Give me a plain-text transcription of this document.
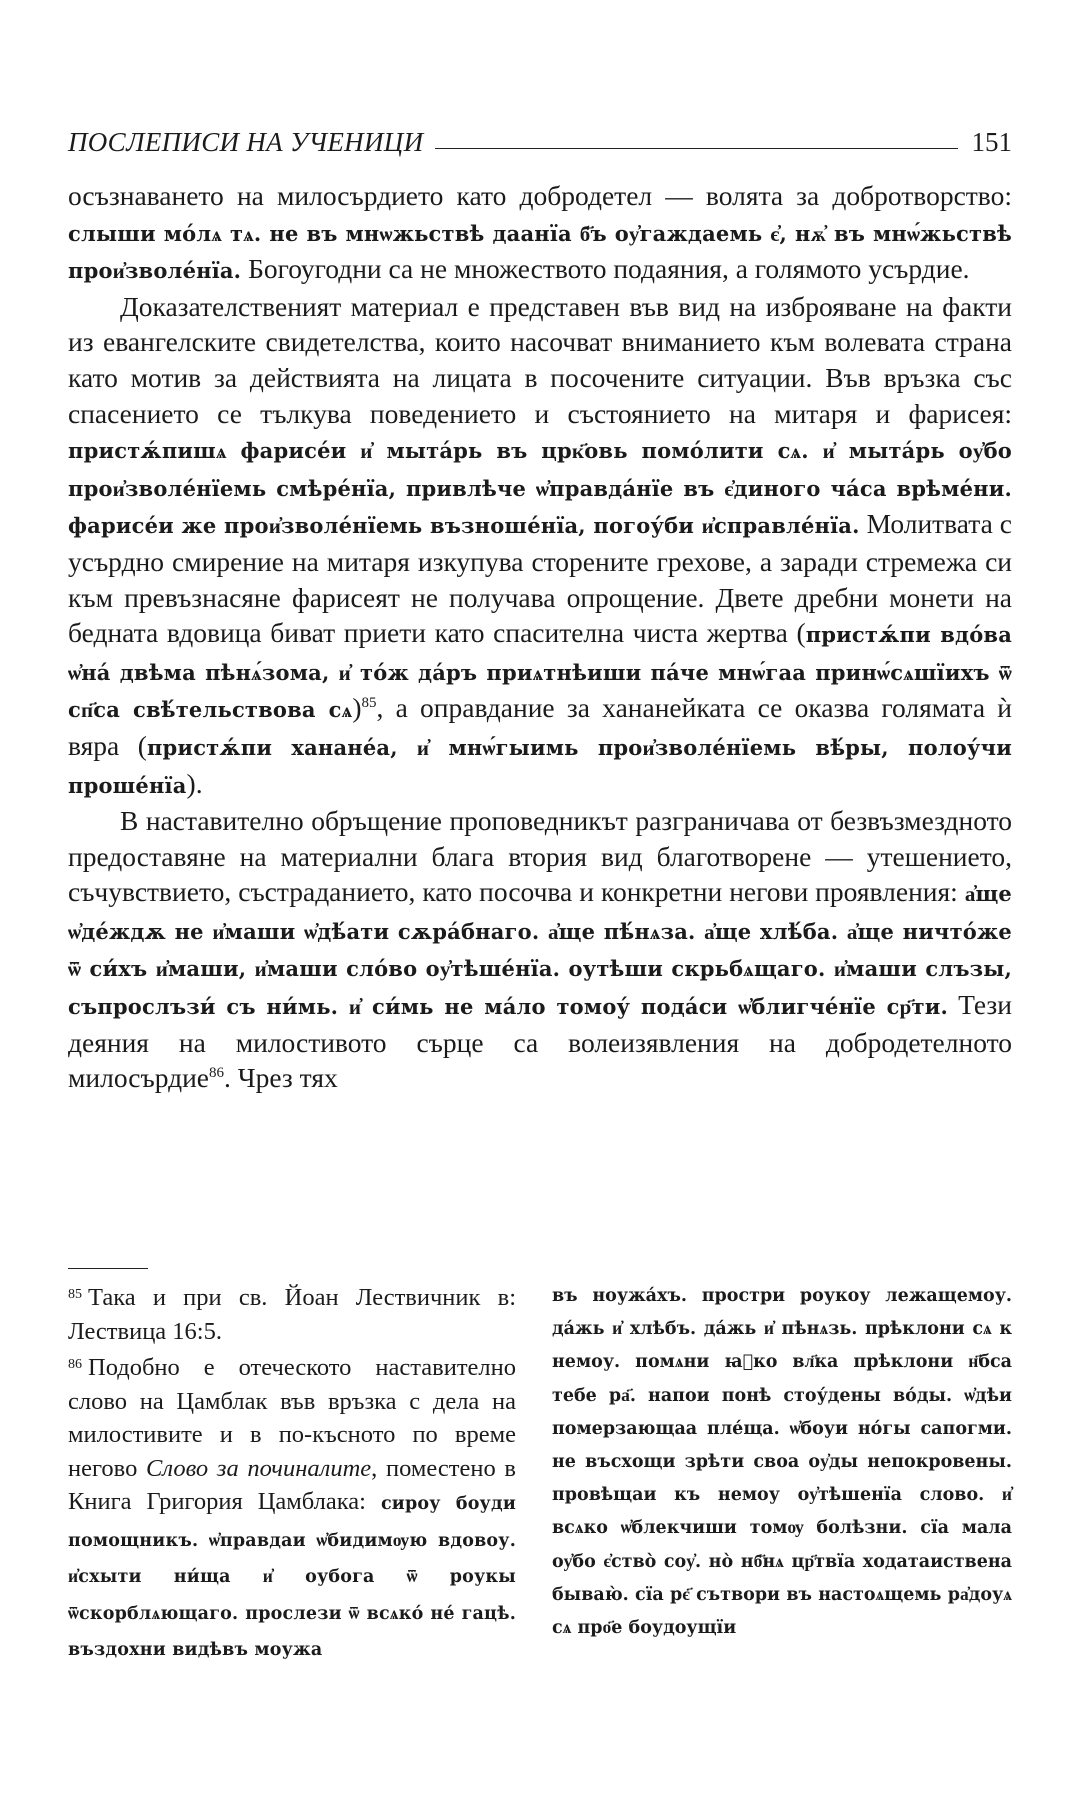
ПОСЛЕПИСИ НА УЧЕНИЦИ	151

осъзнаването на милосърдието като добродетел — волята за добротворство: слыши мо́лѧ тѧ. не въ мнѡжьствѣ даанїа б҃ъ оу҆гаждаемь є҆, нѫ҆ въ мнѡ́жьствѣ прои҆зволе́нїа. Богоугодни са не множеството подаяния, а голямото усърдие.

Доказателственият материал е представен във вид на изброяване на факти из евангелските свидетелства, които насочват вниманието към волевата страна като мотив за действията на лицата в посочените ситуации. Във връзка със спасението се тълкува поведението и състоянието на митаря и фарисея: пристѫ́пишѧ фарисе́и и҆ мыта́рь въ црк҃овь помо́лити сѧ. и҆ мыта́рь оу҆бо прои҆зволе́нїемь смѣре́нїа, привлѣче ѡ҆правда́нїе въ є҆диного ча́са врѣме́ни. фарисе́и же прои҆зволе́нїемь възноше́нїа, погоу́би и҆справле́нїа. Молитвата с усърдно смирение на митаря изкупува сторените грехове, а заради стремежа си към превъзнасяне фарисеят не получава опрощение. Двете дребни монети на бедната вдовица биват приети като спасителна чиста жертва (пристѫ́пи вдо́ва ѡ҆на́ двѣма пѣнѧ́зома, и҆ то́ж да́ръ приѧтнѣиши па́че мнѡ́гаа принѡ́сѧшїихъ ѿ сп҃са свѣ́тельствова сѧ)$^{85}$, а оправдание за хананейката се оказва голямата ѝ вяра (пристѫ́пи ханане́а, и҆ мнѡ́гыимь прои҆зволе́нїемь вѣ́ры, полоу́чи проше́нїа).

В наставително обръщение проповедникът разграничава от безвъзмездното предоставяне на материални блага втория вид благотворене — утешението, съчувствието, състраданието, като посочва и конкретни негови проявления: а҆ще ѡ҆де́ждѫ не и҆маши ѡ҆дѣ́ати сѫра́бнаго. а҆ще пѣ́нѧза. а҆ще хлѣ́ба. а҆ще ничто́же ѿ си́хъ и҆маши, и҆маши сло́во оу҆тѣше́нїа. оутѣши скрьбѧщаго. и҆маши слъзы, съпрослъзи́ съ ни́мь. и҆ си́мь не ма́ло томоу́ пода́си ѡ҆блигче́нїе ср҃ти. Тези деяния на милостивото сърце са волеизявления на добродетелното милосърдие$^{86}$. Чрез тях

$^{85}$ Така и при св. Йоан Лествичник в: Лествица 16:5.

$^{86}$ Подобно е отеческото наставително слово на Цамблак във връзка с дела на милостивите и в по-късното по време негово Слово за починалите, поместено в Книга Григория Цамблака: сироу бoуди помощникъ. ѡ҆правдаи ѡ҆бидимѹю вдовоу. и҆схыти ни́ща и҆ оубога ѿ роукы ѿскорблѧющаго. прослези ѿ всѧко́ не́ гацѣ. въздохни видѣвъ моужа

въ ноужа́хъ. простри роукоу лежащемоу. да́жь и҆ хлѣбъ. да́жь и҆ пѣнѧзь. прѣклони сѧ к немоу. помѧни ꙗ҆ко вл҃ка прѣклони н҃бса тебе ра҃. напои понѣ стоу́дены во́ды. ѡ҆дѣи померзающаа пле́ща. ѡ҆боуи но́гы сапогми. не въсхощи зрѣти своа оу҆ды непокровены. провѣщаи къ немоу оу҆тѣшенїа слово. и҆ всѧко ѡ҆блекчиши томѹ болѣзни. сїа мала оу҆бо є҆ство̀ соу҆. но̀ нб҃нѧ цр҃твїа ходатаиствена бываю̀. сїа рє҃ сътвори въ настоѧщемь ра҆доуѧ сѧ про҃е боудоущїи
